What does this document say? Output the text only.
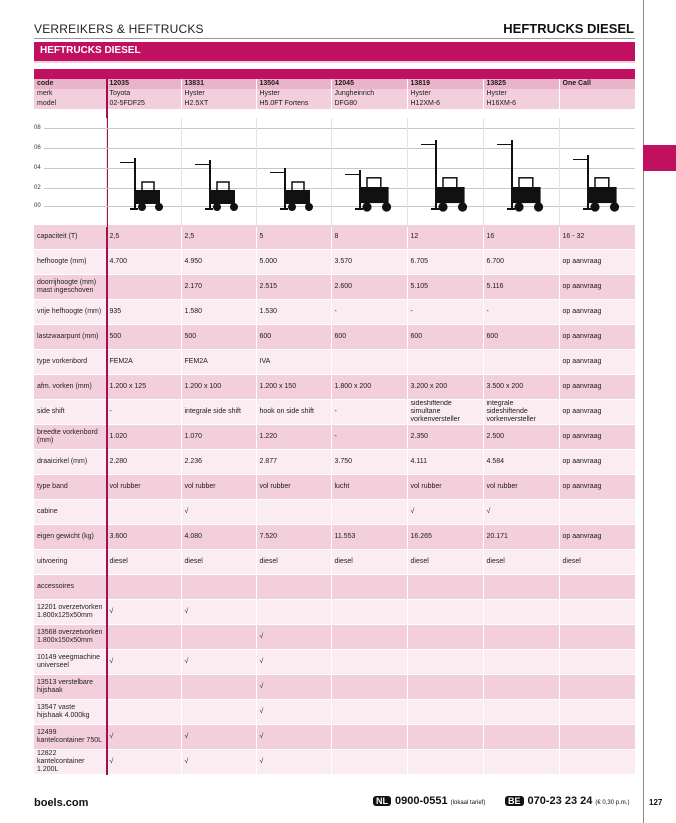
VERREIKERS & HEFTRUCKS	HEFTRUCKS DIESEL
HEFTRUCKS DIESEL
code	12035	13831	13504	12045	13819	13825	One Call
merk	Toyota	Hyster	Hyster	Jungheinrich	Hyster	Hyster	
model	02-5FDF25	H2.5XT	H5.0FT Fortens	DFG80	H12XM-6	H16XM-6	

capaciteit (T)	2,5	2,5	5	8	12	16	16 - 32
hefhoogte (mm)	4.700	4.950	5.000	3.570	6.705	6.700	op aanvraag
doorrijhoogte (mm) mast ingeschoven		2.170	2.515	2.600	5.105	5.116	op aanvraag
vrije hefhoogte (mm)	935	1.580	1.530	-	-	-	op aanvraag
lastzwaarpunt (mm)	500	500	600	600	600	600	op aanvraag
type vorkenbord	FEM2A	FEM2A	IVA				op aanvraag
afm. vorken (mm)	1.200 x 125	1.200 x 100	1.200 x 150	1.800 x 200	3.200 x 200	3.500 x 200	op aanvraag
side shift	-	integrale side shift	hook on side shift	-	sideshiftende simultane vorkenversteller	integrale sideshiftende vorkenversteller	op aanvraag
breedte vorkenbord (mm)	1.020	1.070	1.220	-	2.350	2.500	op aanvraag
draaicirkel (mm)	2.280	2.236	2.877	3.750	4.111	4.584	op aanvraag
type band	vol rubber	vol rubber	vol rubber	lucht	vol rubber	vol rubber	op aanvraag
cabine		√			√	√	
eigen gewicht (kg)	3.600	4.080	7.520	11.553	16.265	20.171	op aanvraag
uitvoering	diesel	diesel	diesel	diesel	diesel	diesel	diesel
accessoires							
12201 overzetvorken 1.800x125x50mm	√	√					
13568 overzetvorken 1.800x150x50mm			√				
10149 veegmachine universeel	√	√	√				
13513 verstelbare hijshaak			√				
13547 vaste hijshaak 4.000kg			√				
12499 kantelcontainer 750L	√	√	√				
12822 kantelcontainer 1.200L	√	√	√				
08
06
04
02
00
boels.com	NL 0900-0551 (lokaal tarief)	BE 070-23 23 24 (€ 0,30 p.m.) 127
